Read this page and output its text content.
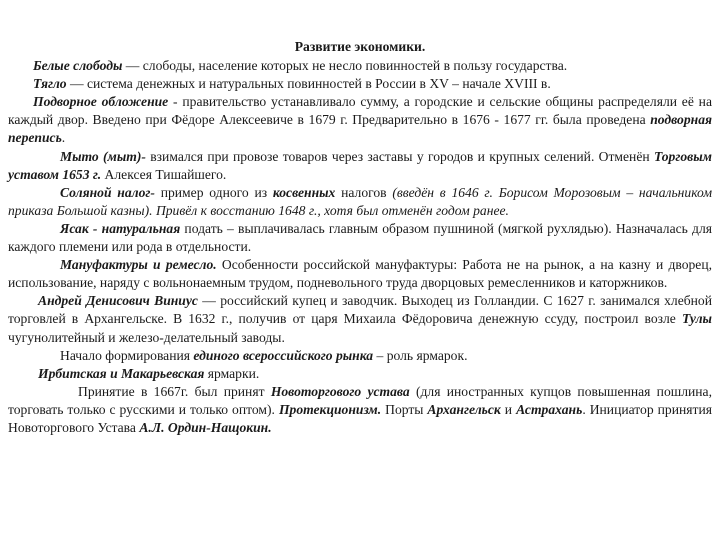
Развитие экономики.

Белые слободы — слободы, население которых не несло повинностей в пользу государства.

Тягло — система денежных и натуральных повинностей в России в XV – начале XVIII в.

Подворное обложение - правительство устанавливало сумму, а городские и сельские общины распределяли её на каждый двор. Введено при Фёдоре Алексеевиче в 1679 г. Предварительно в 1676 - 1677 гг. была проведена подворная перепись.

Мыто (мыт)- взимался при провозе товаров через заставы у городов и крупных селений. Отменён Торговым уставом 1653 г. Алексея Тишайшего.

Соляной налог- пример одного из косвенных налогов (введён в 1646 г. Борисом Морозовым – начальником приказа Большой казны). Привёл к восстанию 1648 г., хотя был отменён годом ранее.

Ясак - натуральная подать – выплачивалась главным образом пушниной (мягкой рухлядью). Назначалась для каждого племени или рода в отдельности.

Мануфактуры и ремесло. Особенности российской мануфактуры: Работа не на рынок, а на казну и дворец, использование, наряду с вольнонаемным трудом, подневольного труда дворцовых ремесленников и каторжников.

Андрей Денисович Виниус — российский купец и заводчик. Выходец из Голландии. С 1627 г. занимался хлебной торговлей в Архангельске. В 1632 г., получив от царя Михаила Фёдоровича денежную ссуду, построил возле Тулы чугунолитейный и железо-делательный заводы.

Начало формирования единого всероссийского рынка – роль ярмарок.

Ирбитская и Макарьевская ярмарки.

Принятие в 1667г. был принят Новоторгового устава (для иностранных купцов повышенная пошлина, торговать только с русскими и только оптом). Протекционизм. Порты Архангельск и Астрахань. Инициатор принятия Новоторгового Устава А.Л. Ордин-Нащокин.
